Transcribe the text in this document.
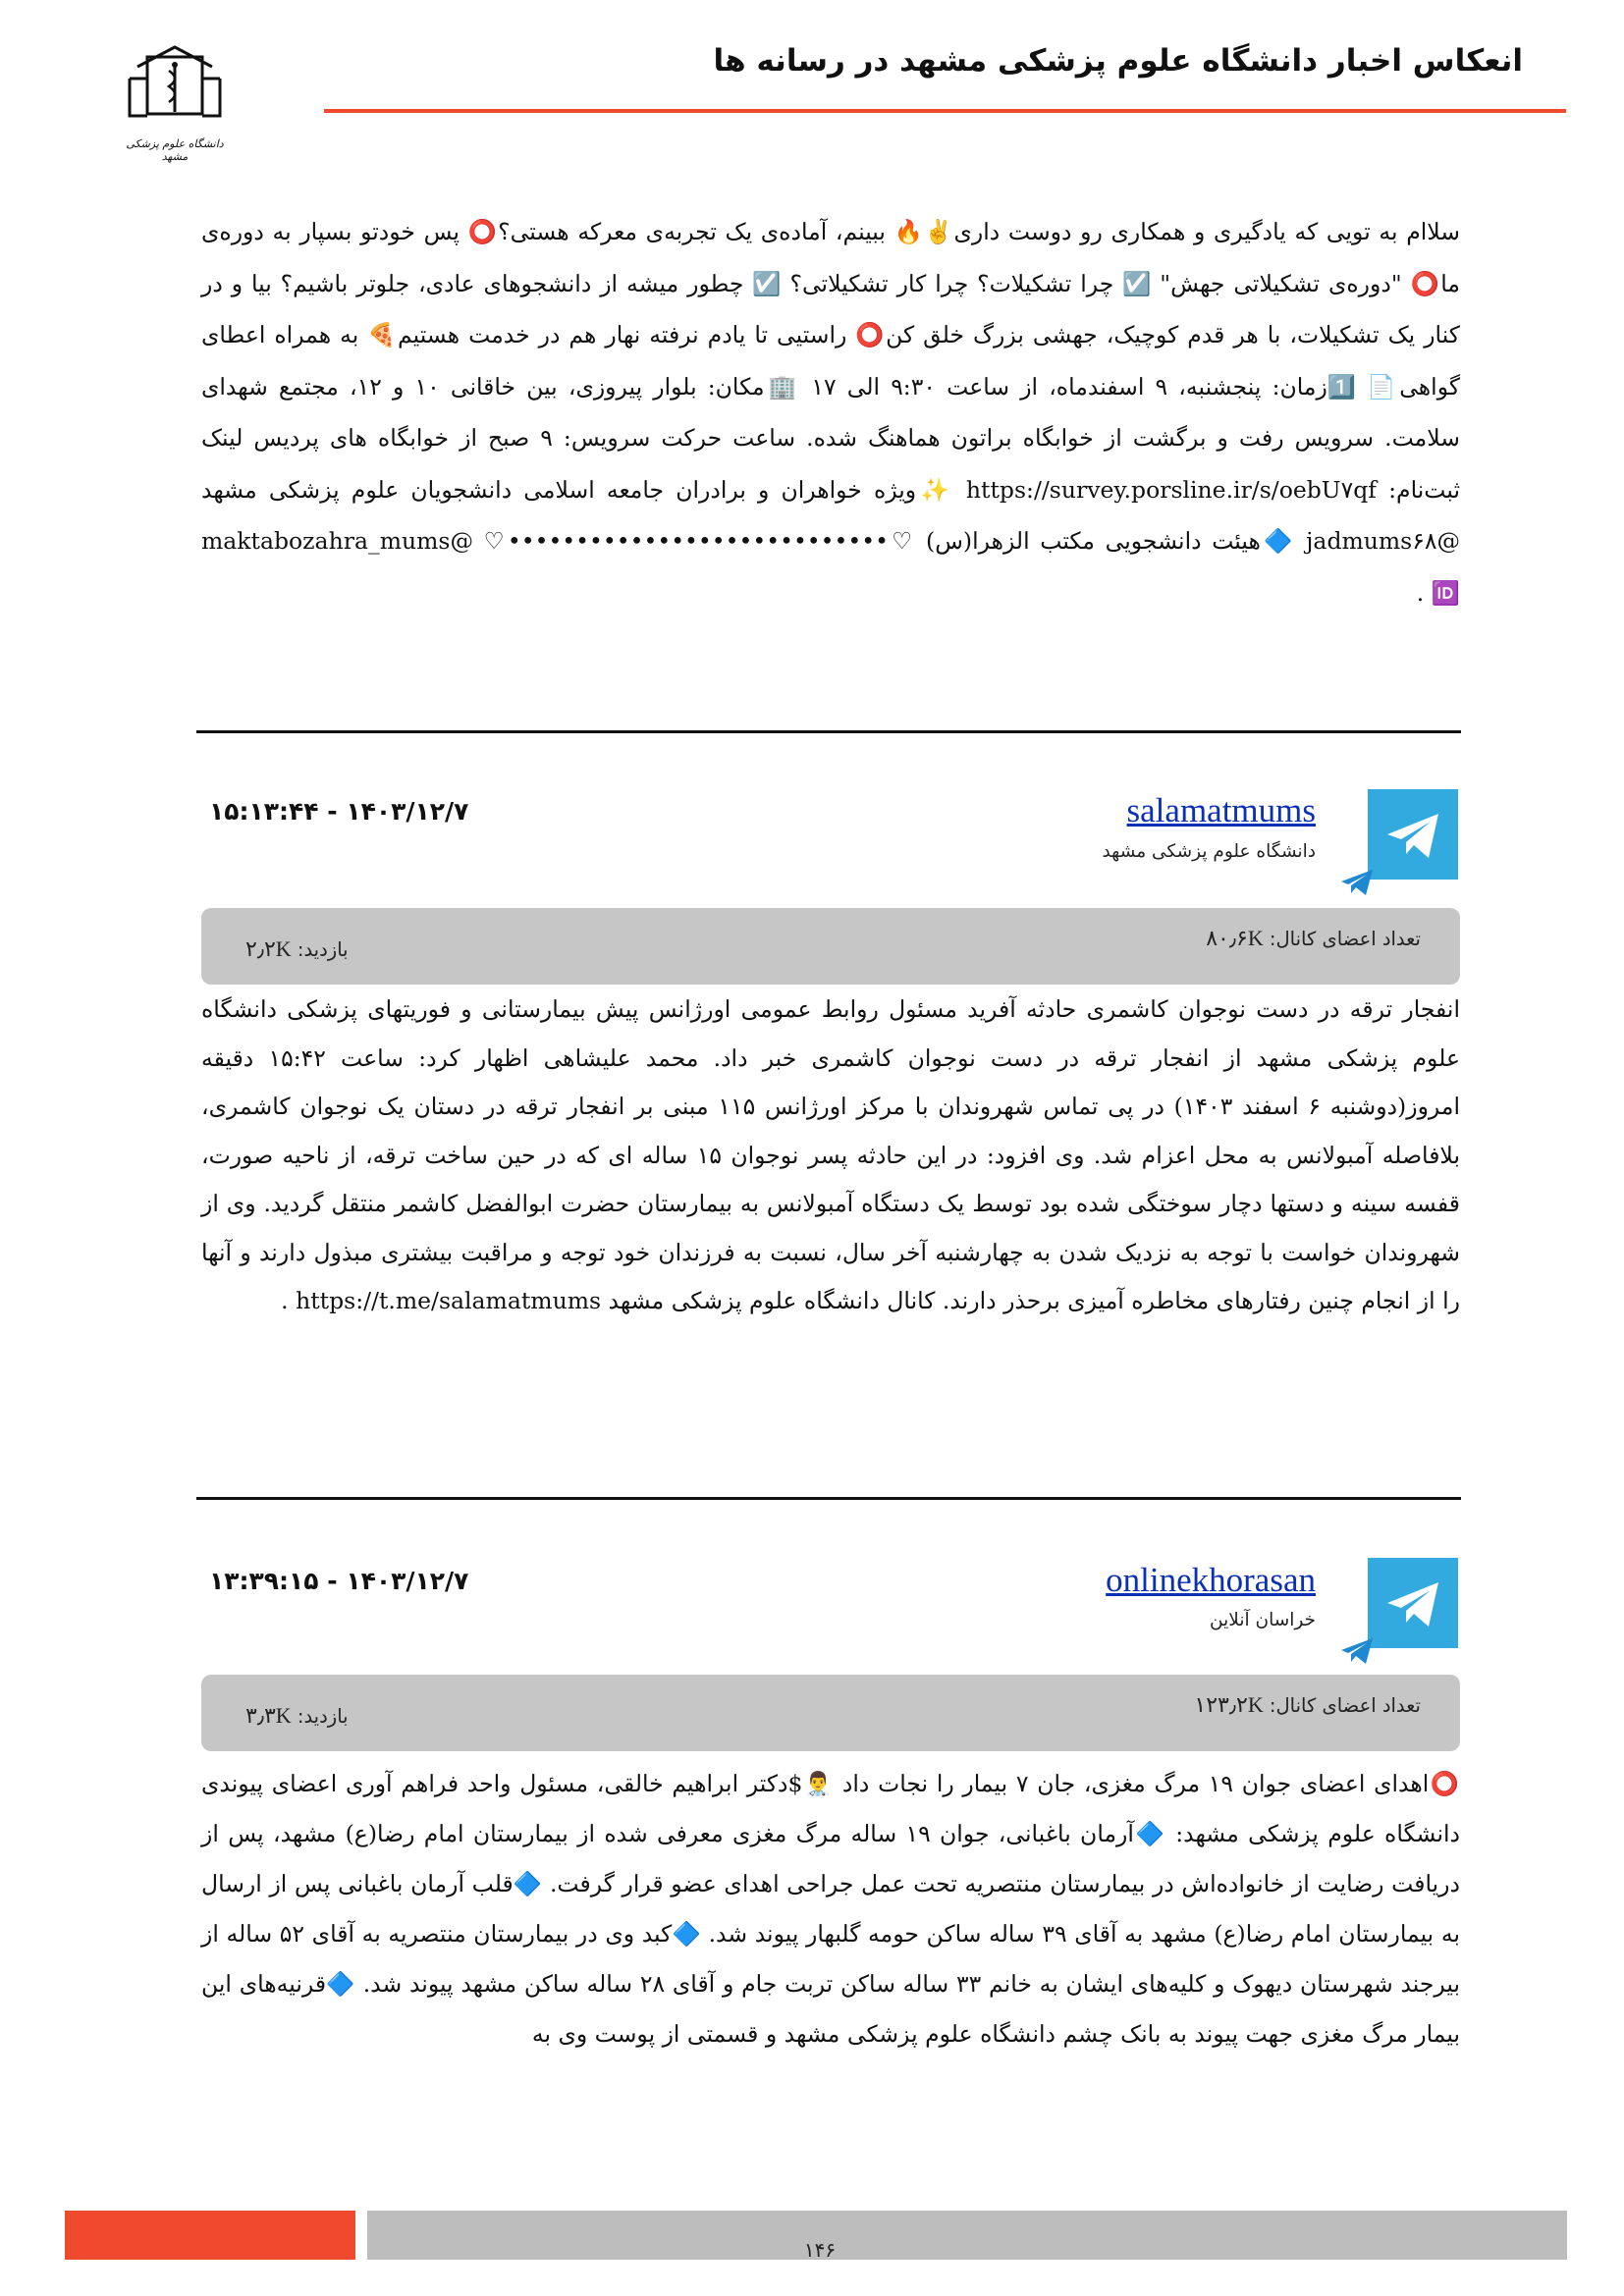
دانشگاه علوم پزشکی مشهد
انعکاس اخبار دانشگاه علوم پزشکی مشهد در رسانه ها
سلاام به تویی که یادگیری و همکاری رو دوست داری✌️🔥 ببینم، آماده‌ی یک تجربه‌ی معرکه هستی؟⭕ پس خودتو بسپار به دوره‌ی ما⭕ "دوره‌ی تشکیلاتی جهش" ☑️ چرا تشکیلات؟ چرا کار تشکیلاتی؟ ☑️ چطور میشه از دانشجوهای عادی، جلوتر باشیم؟ بیا و در کنار یک تشکیلات، با هر قدم کوچیک، جهشی بزرگ خلق کن⭕ راستیی تا یادم نرفته نهار هم در خدمت هستیم🍕 به همراه اعطای گواهی📄 1️⃣زمان: پنجشنبه، ۹ اسفندماه، از ساعت ۹:۳۰ الی ۱۷ 🏢مکان: بلوار پیروزی، بین خاقانی ۱۰ و ۱۲، مجتمع شهدای سلامت. سرویس رفت و برگشت از خوابگاه براتون هماهنگ شده. ساعت حرکت سرویس: ۹ صبح از خوابگاه های پردیس لینک ثبت‌نام: https://survey.porsline.ir/s/oebU۷qf ✨ویژه خواهران و برادران جامعه اسلامی دانشجویان علوم پزشکی مشهد @jadmums۶۸ 🔷هیئت دانشجویی مکتب الزهرا(س) ♡••••••••••••••••••••••••••••♡ @maktabozahra_mums 🆔 .
salamatmums
دانشگاه علوم پزشکی مشهد
۱۵:۱۳:۴۴ - ۱۴۰۳/۱۲/۷
تعداد اعضای کانال: ۸۰٫۶K
بازدید: ۲٫۲K
انفجار ترقه در دست نوجوان کاشمری حادثه آفرید مسئول روابط عمومی اورژانس پیش بیمارستانی و فوریتهای پزشکی دانشگاه علوم پزشکی مشهد از انفجار ترقه در دست نوجوان کاشمری خبر داد. محمد علیشاهی اظهار کرد: ساعت ۱۵:۴۲ دقیقه امروز(دوشنبه ۶ اسفند ۱۴۰۳) در پی تماس شهروندان با مرکز اورژانس ۱۱۵ مبنی بر انفجار ترقه در دستان یک نوجوان کاشمری، بلافاصله آمبولانس به محل اعزام شد. وی افزود: در این حادثه پسر نوجوان ۱۵ ساله ای که در حین ساخت ترقه، از ناحیه صورت، قفسه سینه و دستها دچار سوختگی شده بود توسط یک دستگاه آمبولانس به بیمارستان حضرت ابوالفضل کاشمر منتقل گردید. وی از شهروندان خواست با توجه به نزدیک شدن به چهارشنبه آخر سال، نسبت به فرزندان خود توجه و مراقبت بیشتری مبذول دارند و آنها را از انجام چنین رفتارهای مخاطره آمیزی برحذر دارند. کانال دانشگاه علوم پزشکی مشهد https://t.me/salamatmums .
onlinekhorasan
خراسان آنلاین
۱۳:۳۹:۱۵ - ۱۴۰۳/۱۲/۷
تعداد اعضای کانال: ۱۲۳٫۲K
بازدید: ۳٫۳K
⭕اهدای اعضای جوان ۱۹ مرگ مغزی، جان ۷ بیمار را نجات داد 👨‍⚕️$دکتر ابراهیم خالقی، مسئول واحد فراهم آوری اعضای پیوندی دانشگاه علوم پزشکی مشهد: 🔷آرمان باغبانی، جوان ۱۹ ساله مرگ مغزی معرفی شده از بیمارستان امام رضا(ع) مشهد، پس از دریافت رضایت از خانواده‌اش در بیمارستان منتصریه تحت عمل جراحی اهدای عضو قرار گرفت. 🔷قلب آرمان باغبانی پس از ارسال به بیمارستان امام رضا(ع) مشهد به آقای ۳۹ ساله ساکن حومه گلبهار پیوند شد. 🔷کبد وی در بیمارستان منتصریه به آقای ۵۲ ساله از بیرجند شهرستان دیهوک و کلیه‌های ایشان به خانم ۳۳ ساله ساکن تربت جام و آقای ۲۸ ساله ساکن مشهد پیوند شد. 🔷قرنیه‌های این بیمار مرگ مغزی جهت پیوند به بانک چشم دانشگاه علوم پزشکی مشهد و قسمتی از پوست وی به
۱۴۶
